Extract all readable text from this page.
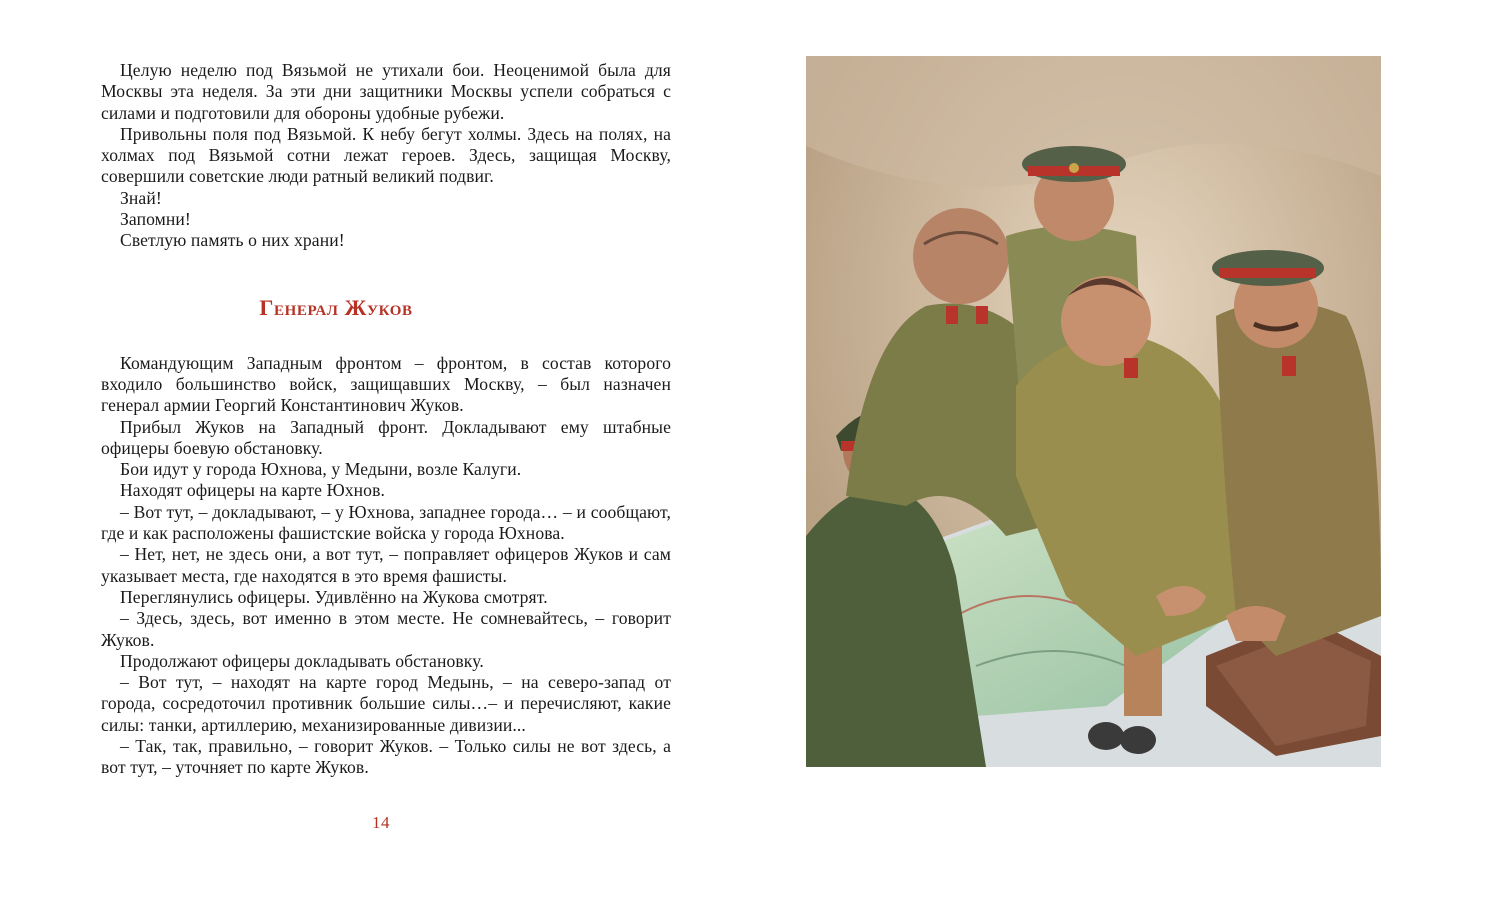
Целую неделю под Вязьмой не утихали бои. Неоценимой была для Москвы эта неделя. За эти дни защитники Москвы успели собраться с силами и подготовили для обороны удобные рубежи.

Привольны поля под Вязьмой. К небу бегут холмы. Здесь на полях, на холмах под Вязьмой сотни лежат героев. Здесь, защищая Москву, совершили советские люди ратный великий подвиг.

Знай!

Запомни!

Светлую память о них храни!

Генерал Жуков

Командующим Западным фронтом – фронтом, в состав которого входило большинство войск, защищавших Москву, – был назначен генерал армии Георгий Константинович Жуков.

Прибыл Жуков на Западный фронт. Докладывают ему штабные офицеры боевую обстановку.

Бои идут у города Юхнова, у Медыни, возле Калуги.

Находят офицеры на карте Юхнов.

– Вот тут, – докладывают, – у Юхнова, западнее города… – и сообщают, где и как расположены фашистские войска у города Юхнова.

– Нет, нет, не здесь они, а вот тут, – поправляет офицеров Жуков и сам указывает места, где находятся в это время фашисты.

Переглянулись офицеры. Удивлённо на Жукова смотрят.

– Здесь, здесь, вот именно в этом месте. Не сомневайтесь, – говорит Жуков.

Продолжают офицеры докладывать обстановку.

– Вот тут, – находят на карте город Медынь, – на северо-запад от города, сосредоточил противник большие силы…– и перечисляют, какие силы: танки, артиллерию, механизированные дивизии...

– Так, так, правильно, – говорит Жуков. – Только силы не вот здесь, а вот тут, – уточняет по карте Жуков.

14
